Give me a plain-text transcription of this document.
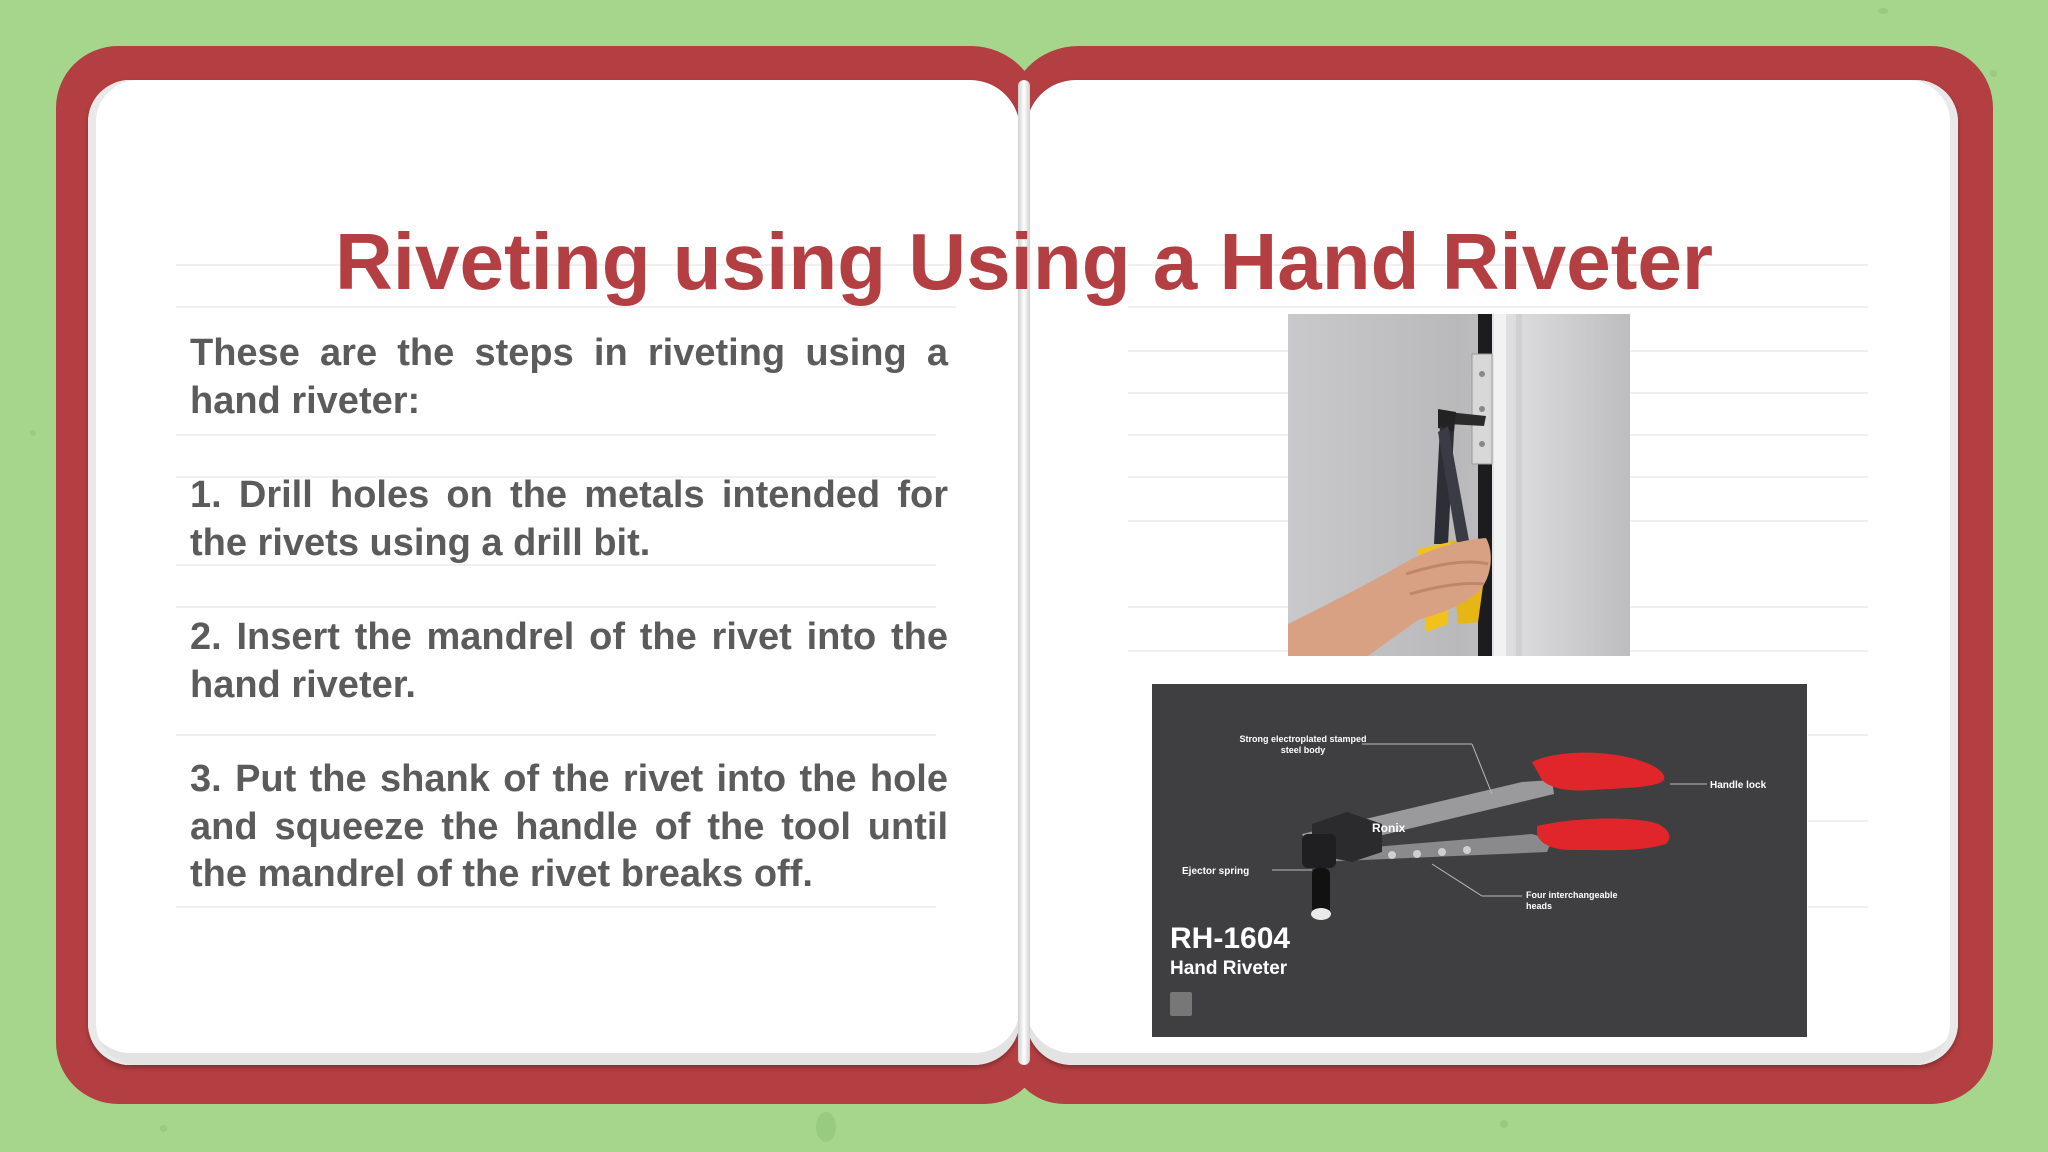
Riveting using Using a Hand Riveter

These are the steps in riveting using a hand riveter:

1. Drill holes on the metals intended for the rivets using a drill bit.

2. Insert the mandrel of the rivet into the hand riveter.

3. Put the shank of the rivet into the hole and squeeze the handle of the tool until the mandrel of the rivet breaks off.

Ronix
Strong electroplated stamped steel body
Handle lock
Ejector spring
Four interchangeable heads
RH-1604
Hand Riveter
